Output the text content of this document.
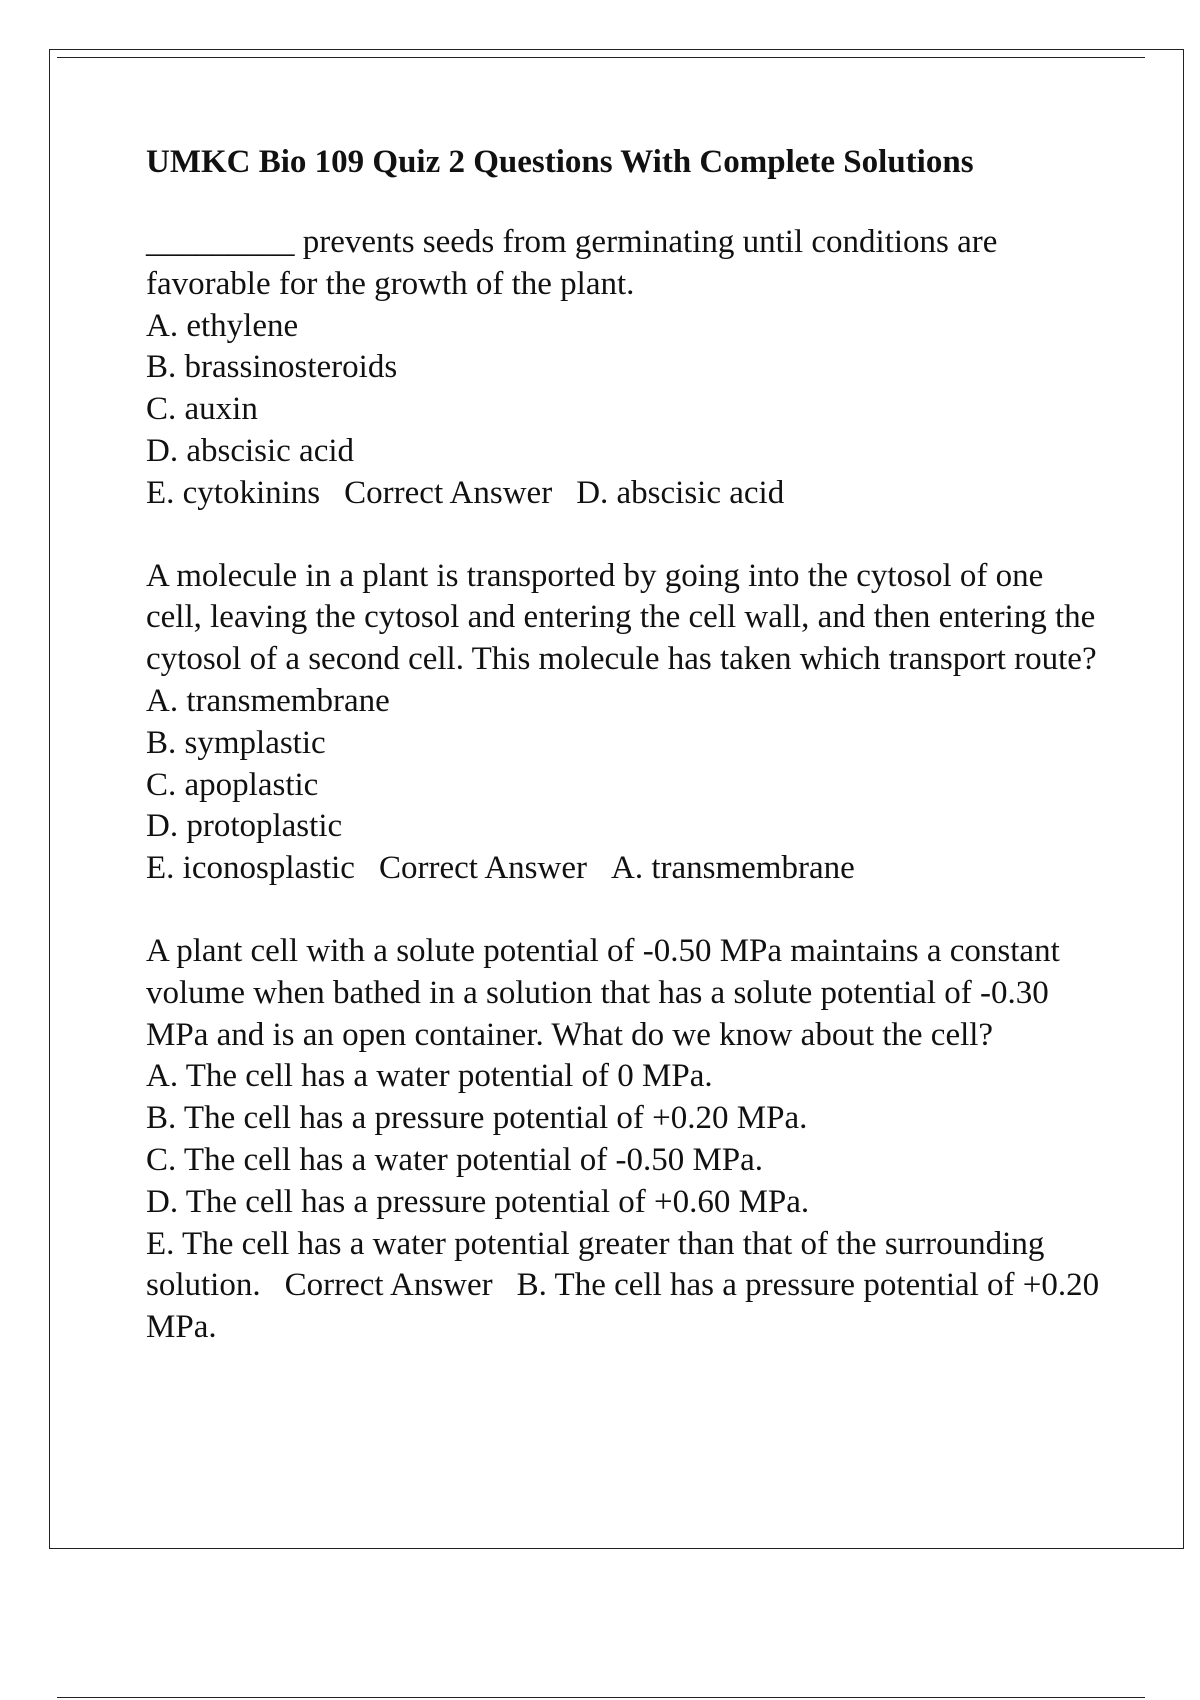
UMKC Bio 109 Quiz 2 Questions With Complete Solutions

_________ prevents seeds from germinating until conditions are favorable for the growth of the plant.

A. ethylene
B. brassinosteroids
C. auxin
D. abscisic acid
E. cytokinins Correct Answer D. abscisic acid

A molecule in a plant is transported by going into the cytosol of one cell, leaving the cytosol and entering the cell wall, and then entering the cytosol of a second cell. This molecule has taken which transport route?

A. transmembrane
B. symplastic
C. apoplastic
D. protoplastic
E. iconosplastic Correct Answer A. transmembrane

A plant cell with a solute potential of -0.50 MPa maintains a constant volume when bathed in a solution that has a solute potential of -0.30 MPa and is an open container. What do we know about the cell?

A. The cell has a water potential of 0 MPa.
B. The cell has a pressure potential of +0.20 MPa.
C. The cell has a water potential of -0.50 MPa.
D. The cell has a pressure potential of +0.60 MPa.
E. The cell has a water potential greater than that of the surrounding solution. Correct Answer B. The cell has a pressure potential of +0.20 MPa.
